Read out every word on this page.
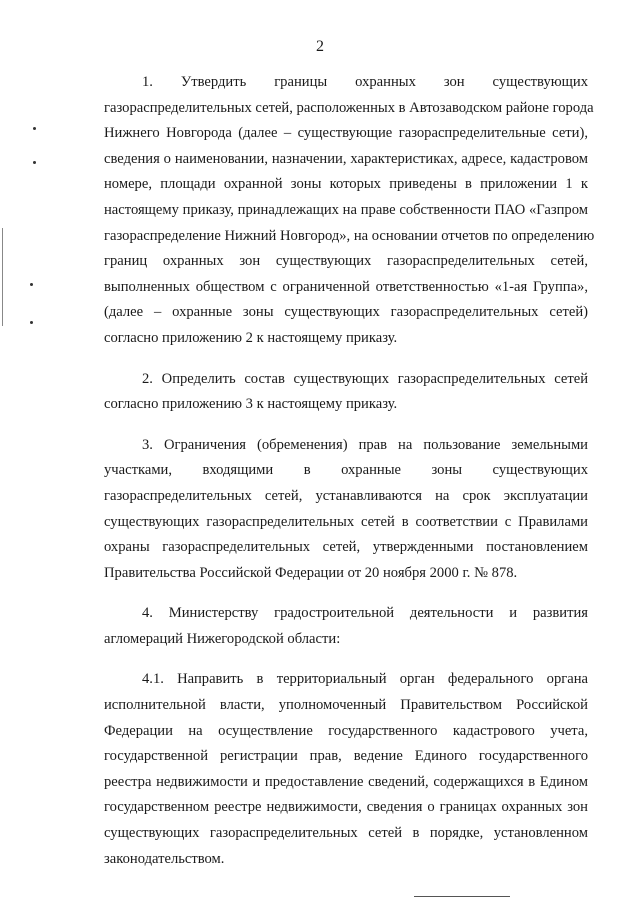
2

1. Утвердить границы охранных зон существующих
газораспределительных сетей, расположенных в Автозаводском районе города
Нижнего Новгорода (далее – существующие газораспределительные сети),
сведения о наименовании, назначении, характеристиках, адресе, кадастровом
номере, площади охранной зоны которых приведены в приложении 1 к
настоящему приказу, принадлежащих на праве собственности ПАО «Газпром
газораспределение Нижний Новгород», на основании отчетов по определению
границ охранных зон существующих газораспределительных сетей,
выполненных обществом с ограниченной ответственностью «1-ая Группа»,
(далее – охранные зоны существующих газораспределительных сетей)
согласно приложению 2 к настоящему приказу.

2. Определить состав существующих газораспределительных сетей
согласно приложению 3 к настоящему приказу.

3. Ограничения (обременения) прав на пользование земельными
участками, входящими в охранные зоны существующих
газораспределительных сетей, устанавливаются на срок эксплуатации
существующих газораспределительных сетей в соответствии с Правилами
охраны газораспределительных сетей, утвержденными постановлением
Правительства Российской Федерации от 20 ноября 2000 г. № 878.

4. Министерству градостроительной деятельности и развития
агломераций Нижегородской области:

4.1. Направить в территориальный орган федерального органа
исполнительной власти, уполномоченный Правительством Российской
Федерации на осуществление государственного кадастрового учета,
государственной регистрации прав, ведение Единого государственного
реестра недвижимости и предоставление сведений, содержащихся в Едином
государственном реестре недвижимости, сведения о границах охранных зон
существующих газораспределительных сетей в порядке, установленном
законодательством.
